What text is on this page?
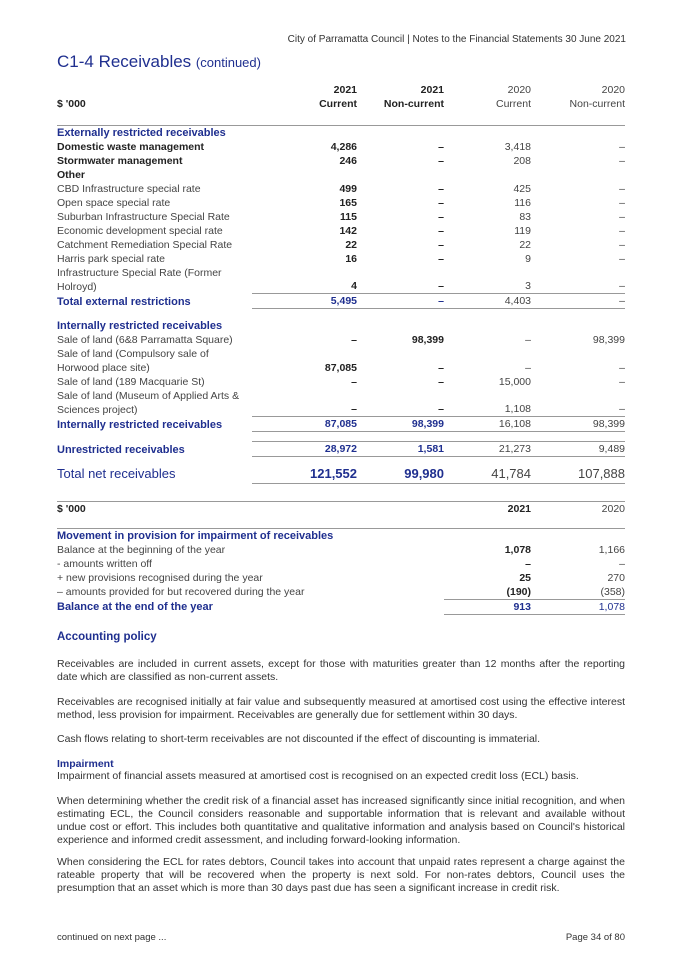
City of Parramatta Council | Notes to the Financial Statements 30 June 2021
C1-4 Receivables (continued)
	2021	2021	2020	2020
$ '000	Current	Non-current	Current	Non-current

Externally restricted receivables				
Domestic waste management	4,286	–	3,418	–
Stormwater management	246	–	208	–
Other				
CBD Infrastructure special rate	499	–	425	–
Open space special rate	165	–	116	–
Suburban Infrastructure Special Rate	115	–	83	–
Economic development special rate	142	–	119	–
Catchment Remediation Special Rate	22	–	22	–
Harris park special rate	16	–	9	–
Infrastructure Special Rate (Former Holroyd)	4	–	3	–
Total external restrictions	5,495	–	4,403	–

Internally restricted receivables				
Sale of land (6&8 Parramatta Square)	–	98,399	–	98,399
Sale of land (Compulsory sale of Horwood place site)	87,085	–	–	–
Sale of land (189 Macquarie St)	–	–	15,000	–
Sale of land (Museum of Applied Arts & Sciences project)	–	–	1,108	–
Internally restricted receivables	87,085	98,399	16,108	98,399

Unrestricted receivables	28,972	1,581	21,273	9,489

Total net receivables	121,552	99,980	41,784	107,888
$ '000	2021	2020

Movement in provision for impairment of receivables		
Balance at the beginning of the year	1,078	1,166
- amounts written off	–	–
+ new provisions recognised during the year	25	270
– amounts provided for but recovered during the year	(190)	(358)
Balance at the end of the year	913	1,078
Accounting policy
Receivables are included in current assets, except for those with maturities greater than 12 months after the reporting date which are classified as non-current assets.
Receivables are recognised initially at fair value and subsequently measured at amortised cost using the effective interest method, less provision for impairment. Receivables are generally due for settlement within 30 days.
Cash flows relating to short-term receivables are not discounted if the effect of discounting is immaterial.
Impairment
Impairment of financial assets measured at amortised cost is recognised on an expected credit loss (ECL) basis.
When determining whether the credit risk of a financial asset has increased significantly since initial recognition, and when estimating ECL, the Council considers reasonable and supportable information that is relevant and available without undue cost or effort. This includes both quantitative and qualitative information and analysis based on Council's historical experience and informed credit assessment, and including forward-looking information.
When considering the ECL for rates debtors, Council takes into account that unpaid rates represent a charge against the rateable property that will be recovered when the property is next sold. For non-rates debtors, Council uses the presumption that an asset which is more than 30 days past due has seen a significant increase in credit risk.
continued on next page ...	Page 34 of 80
